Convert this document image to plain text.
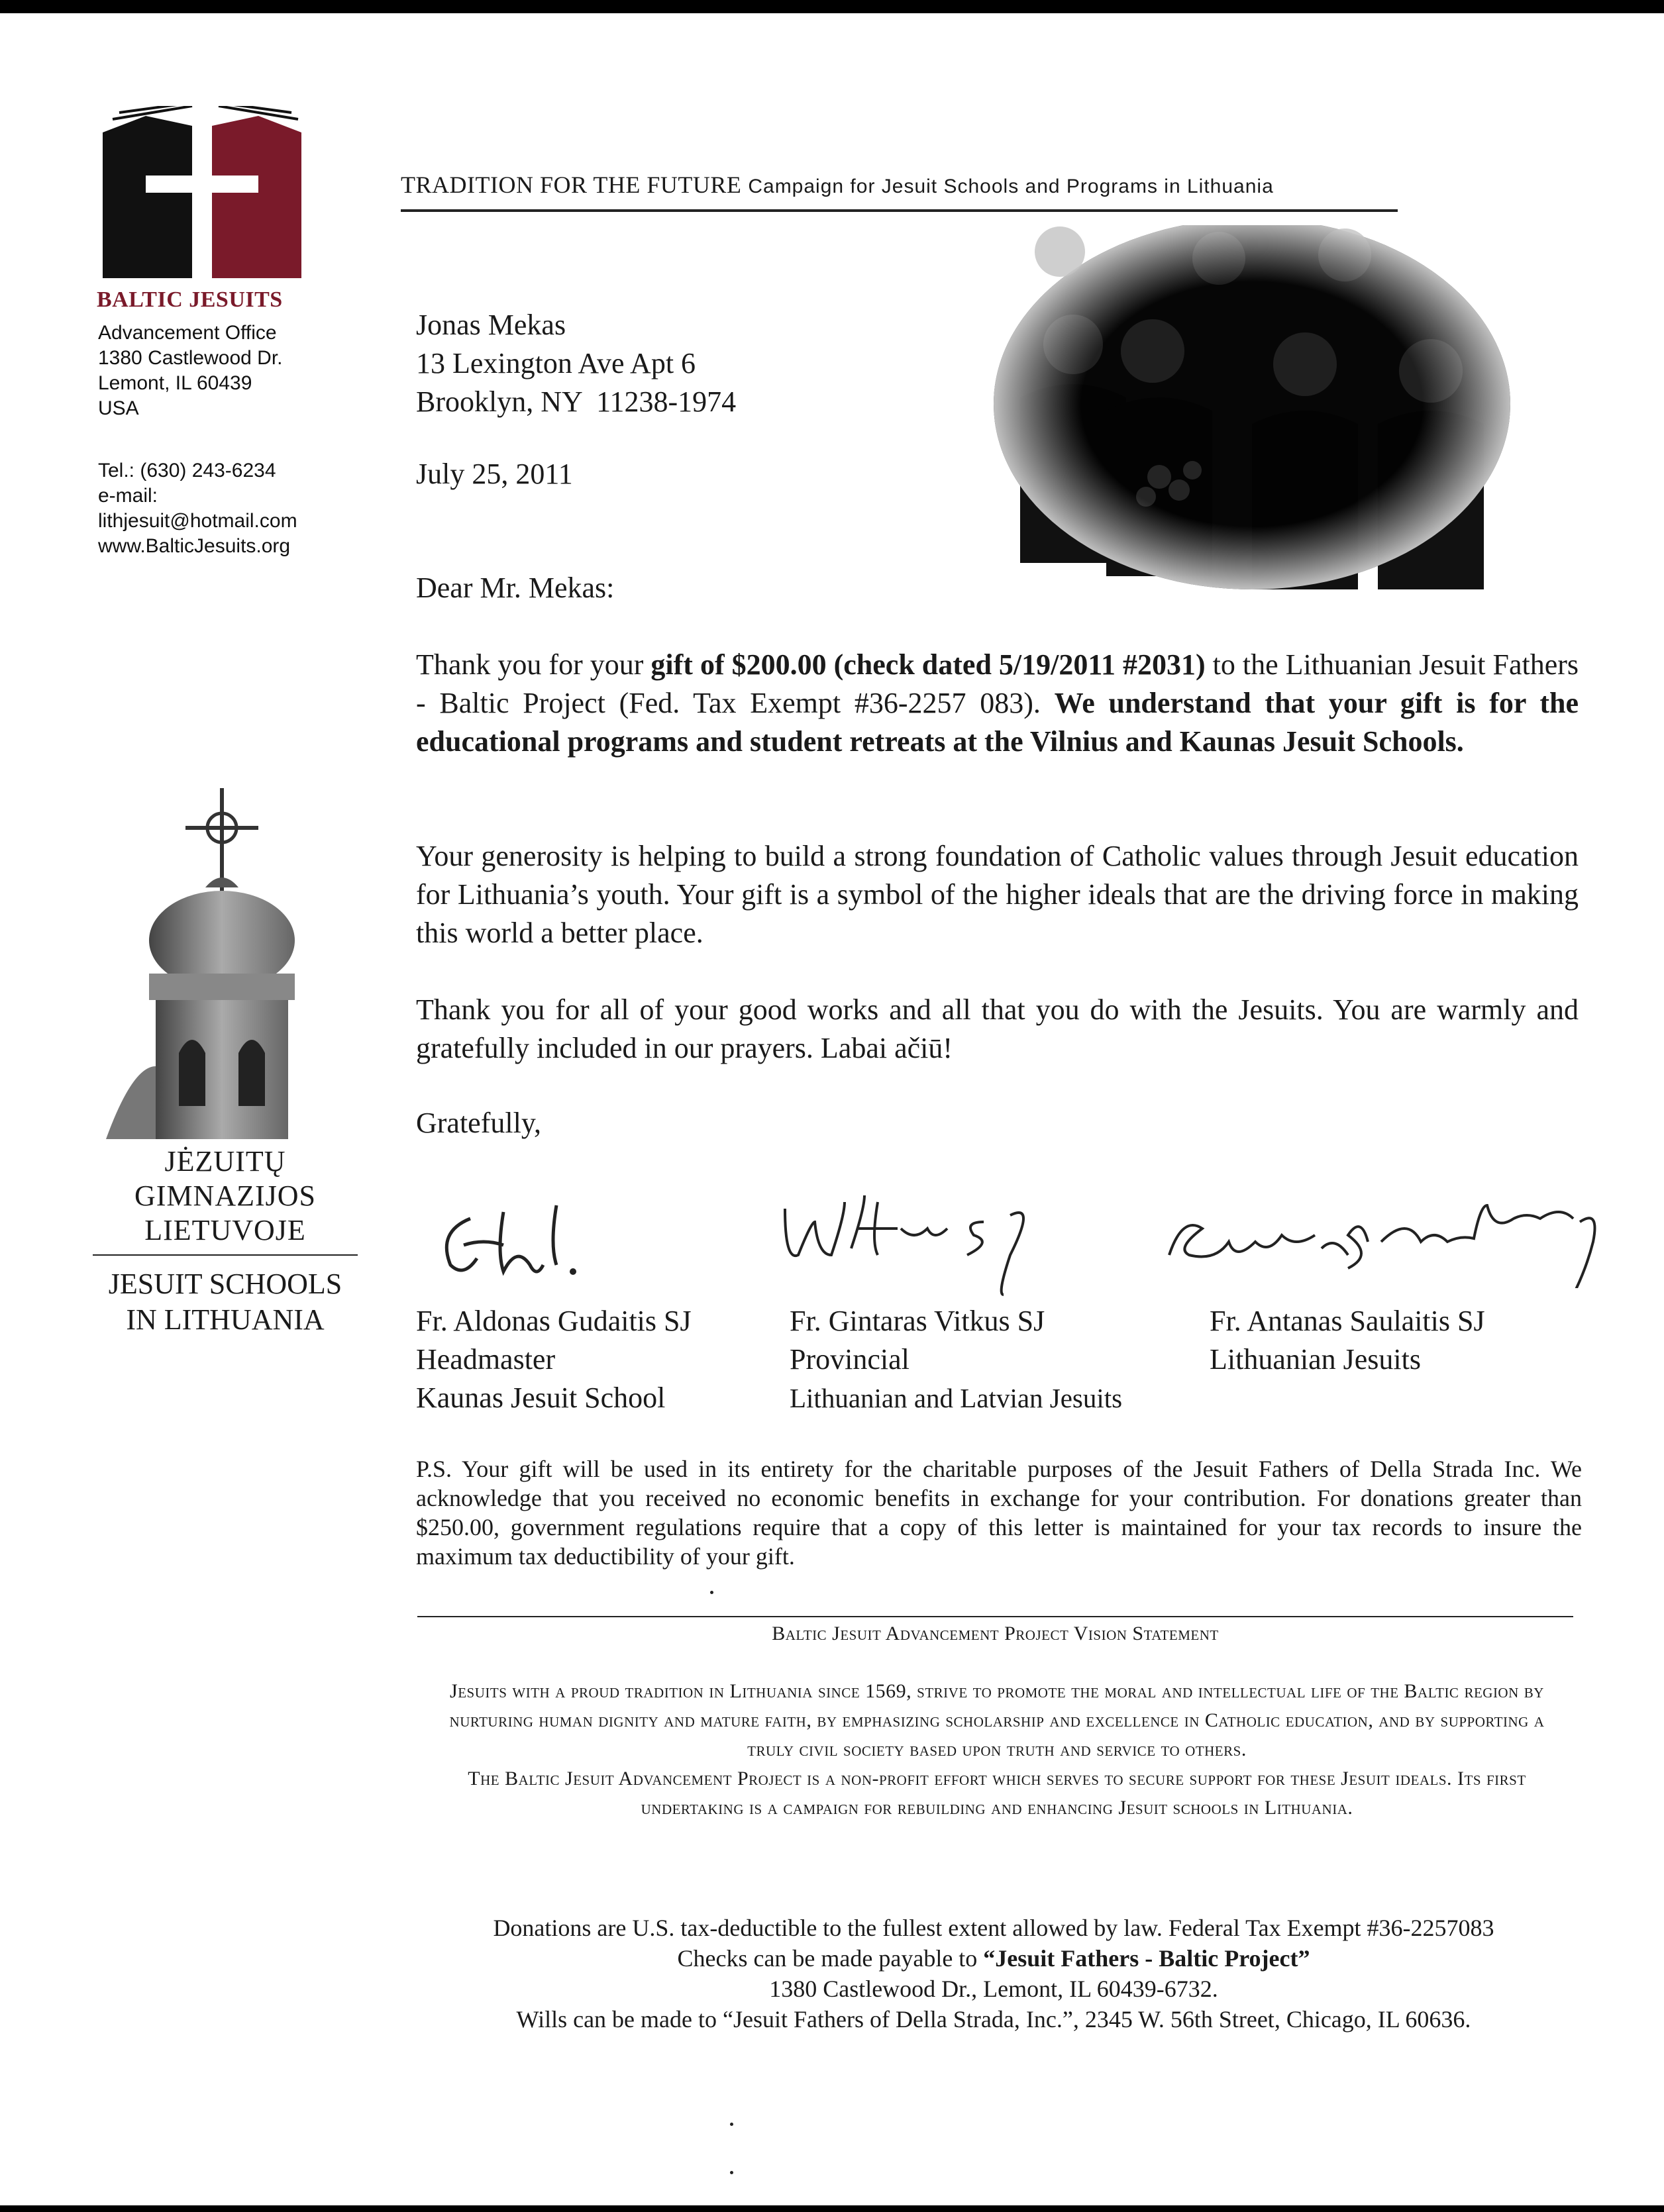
BALTIC JESUITS
Advancement Office
1380 Castlewood Dr.
Lemont, IL 60439
USA
Tel.: (630) 243-6234
e-mail:
lithjesuit@hotmail.com
www.BalticJesuits.org
JĖZUITŲ
GIMNAZIJOS
LIETUVOJE
JESUIT SCHOOLS
IN LITHUANIA
TRADITION FOR THE FUTURE Campaign for Jesuit Schools and Programs in Lithuania
Jonas Mekas
13 Lexington Ave Apt 6
Brooklyn, NY  11238-1974
July 25, 2011
Dear Mr. Mekas:
Thank you for your gift of $200.00 (check dated 5/19/2011 #2031) to the Lithuanian Jesuit Fathers - Baltic Project (Fed. Tax Exempt #36-2257 083). We understand that your gift is for the educational programs and student retreats at the Vilnius and Kaunas Jesuit Schools.
Your generosity is helping to build a strong foundation of Catholic values through Jesuit education for Lithuania’s youth. Your gift is a symbol of the higher ideals that are the driving force in making this world a better place.
Thank you for all of your good works and all that you do with the Jesuits. You are warmly and gratefully included in our prayers. Labai ačiū!
Gratefully,
Fr. Aldonas Gudaitis SJ
Headmaster
Kaunas Jesuit School
Fr. Gintaras Vitkus SJ
Provincial
Lithuanian and Latvian Jesuits
Fr. Antanas Saulaitis SJ
Lithuanian Jesuits
P.S. Your gift will be used in its entirety for the charitable purposes of the Jesuit Fathers of Della Strada Inc. We acknowledge that you received no economic benefits in exchange for your contribution. For donations greater than $250.00, government regulations require that a copy of this letter is maintained for your tax records to insure the maximum tax deductibility of your gift.
Baltic Jesuit Advancement Project Vision Statement
Jesuits with a proud tradition in Lithuania since 1569, strive to promote the moral and intellectual life of the Baltic region by nurturing human dignity and mature faith, by emphasizing scholarship and excellence in Catholic education, and by supporting a truly civil society based upon truth and service to others.
The Baltic Jesuit Advancement Project is a non-profit effort which serves to secure support for these Jesuit ideals. Its first undertaking is a campaign for rebuilding and enhancing Jesuit schools in Lithuania.
Donations are U.S. tax-deductible to the fullest extent allowed by law. Federal Tax Exempt #36-2257083
Checks can be made payable to “Jesuit Fathers - Baltic Project”
1380 Castlewood Dr., Lemont, IL 60439-6732.
Wills can be made to “Jesuit Fathers of Della Strada, Inc.”, 2345 W. 56th Street, Chicago, IL 60636.
